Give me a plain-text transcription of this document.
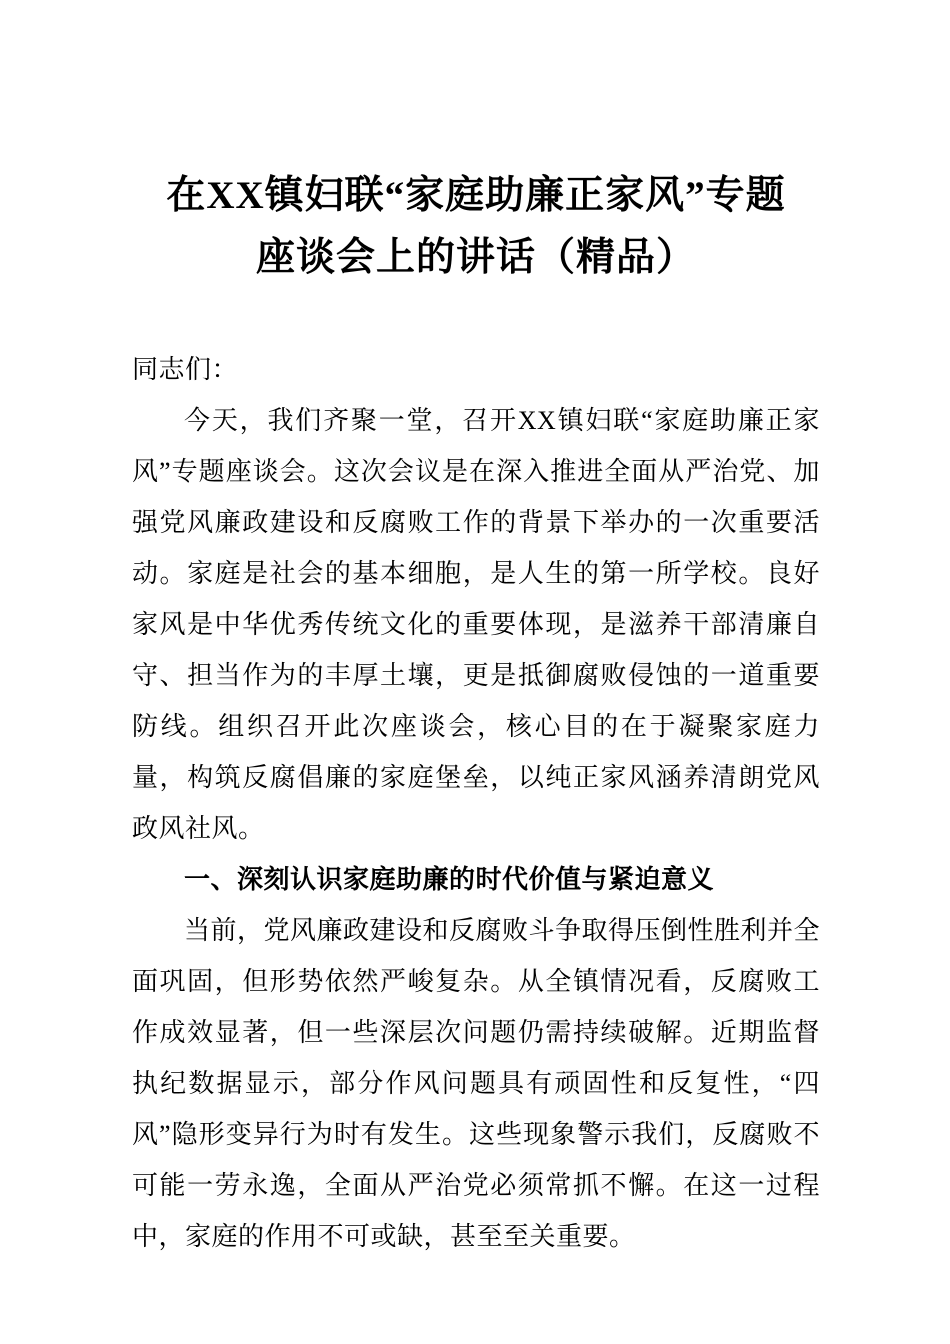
在XX镇妇联“家庭助廉正家风”专题
座谈会上的讲话（精品）

同志们：

今天，我们齐聚一堂，召开XX镇妇联“家庭助廉正家风”专题座谈会。这次会议是在深入推进全面从严治党、加强党风廉政建设和反腐败工作的背景下举办的一次重要活动。家庭是社会的基本细胞，是人生的第一所学校。良好家风是中华优秀传统文化的重要体现，是滋养干部清廉自守、担当作为的丰厚土壤，更是抵御腐败侵蚀的一道重要防线。组织召开此次座谈会，核心目的在于凝聚家庭力量，构筑反腐倡廉的家庭堡垒，以纯正家风涵养清朗党风政风社风。

一、深刻认识家庭助廉的时代价值与紧迫意义

当前，党风廉政建设和反腐败斗争取得压倒性胜利并全面巩固，但形势依然严峻复杂。从全镇情况看，反腐败工作成效显著，但一些深层次问题仍需持续破解。近期监督执纪数据显示，部分作风问题具有顽固性和反复性，“四风”隐形变异行为时有发生。这些现象警示我们，反腐败不可能一劳永逸，全面从严治党必须常抓不懈。在这一过程中，家庭的作用不可或缺，甚至至关重要。
